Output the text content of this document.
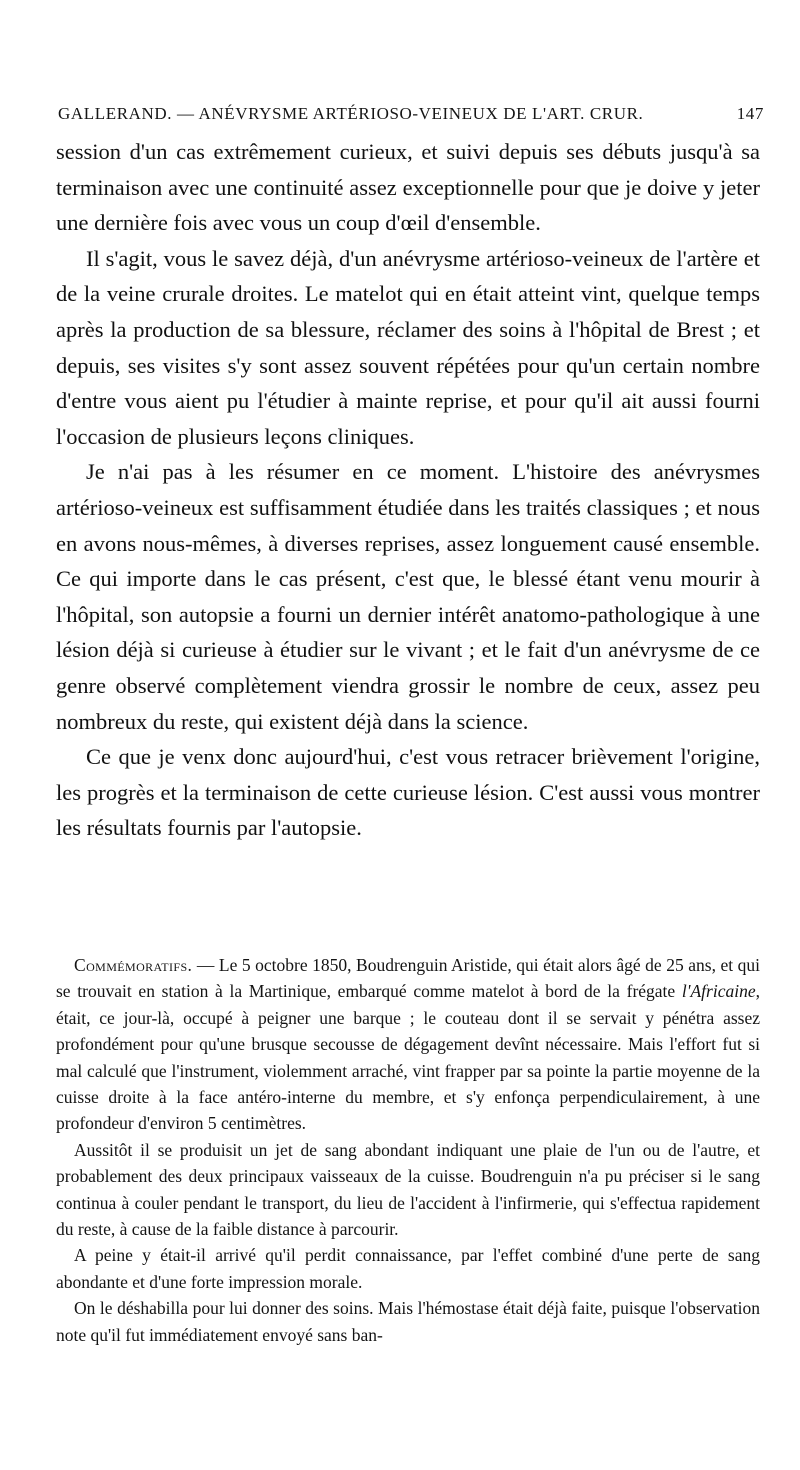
GALLERAND. — ANÉVRYSME ARTÉRIOSO-VEINEUX DE L'ART. CRUR.	147

session d'un cas extrêmement curieux, et suivi depuis ses débuts jusqu'à sa terminaison avec une continuité assez exceptionnelle pour que je doive y jeter une dernière fois avec vous un coup d'œil d'ensemble.

Il s'agit, vous le savez déjà, d'un anévrysme artérioso-veineux de l'artère et de la veine crurale droites. Le matelot qui en était atteint vint, quelque temps après la production de sa blessure, réclamer des soins à l'hôpital de Brest ; et depuis, ses visites s'y sont assez souvent répétées pour qu'un certain nombre d'entre vous aient pu l'étudier à mainte reprise, et pour qu'il ait aussi fourni l'occasion de plusieurs leçons cliniques.

Je n'ai pas à les résumer en ce moment. L'histoire des anévrysmes artérioso-veineux est suffisamment étudiée dans les traités classiques ; et nous en avons nous-mêmes, à diverses reprises, assez longuement causé ensemble. Ce qui importe dans le cas présent, c'est que, le blessé étant venu mourir à l'hôpital, son autopsie a fourni un dernier intérêt anatomo-pathologique à une lésion déjà si curieuse à étudier sur le vivant ; et le fait d'un anévrysme de ce genre observé complètement viendra grossir le nombre de ceux, assez peu nombreux du reste, qui existent déjà dans la science.

Ce que je venx donc aujourd'hui, c'est vous retracer brièvement l'origine, les progrès et la terminaison de cette curieuse lésion. C'est aussi vous montrer les résultats fournis par l'autopsie.

Commémoratifs. — Le 5 octobre 1850, Boudrenguin Aristide, qui était alors âgé de 25 ans, et qui se trouvait en station à la Martinique, embarqué comme matelot à bord de la frégate l'Africaine, était, ce jour-là, occupé à peigner une barque ; le couteau dont il se servait y pénétra assez profondément pour qu'une brusque secousse de dégagement devînt nécessaire. Mais l'effort fut si mal calculé que l'instrument, violemment arraché, vint frapper par sa pointe la partie moyenne de la cuisse droite à la face antéro-interne du membre, et s'y enfonça perpendiculairement, à une profondeur d'environ 5 centimètres.

Aussitôt il se produisit un jet de sang abondant indiquant une plaie de l'un ou de l'autre, et probablement des deux principaux vaisseaux de la cuisse. Boudrenguin n'a pu préciser si le sang continua à couler pendant le transport, du lieu de l'accident à l'infirmerie, qui s'effectua rapidement du reste, à cause de la faible distance à parcourir.

A peine y était-il arrivé qu'il perdit connaissance, par l'effet combiné d'une perte de sang abondante et d'une forte impression morale.

On le déshabilla pour lui donner des soins. Mais l'hémostase était déjà faite, puisque l'observation note qu'il fut immédiatement envoyé sans ban-
